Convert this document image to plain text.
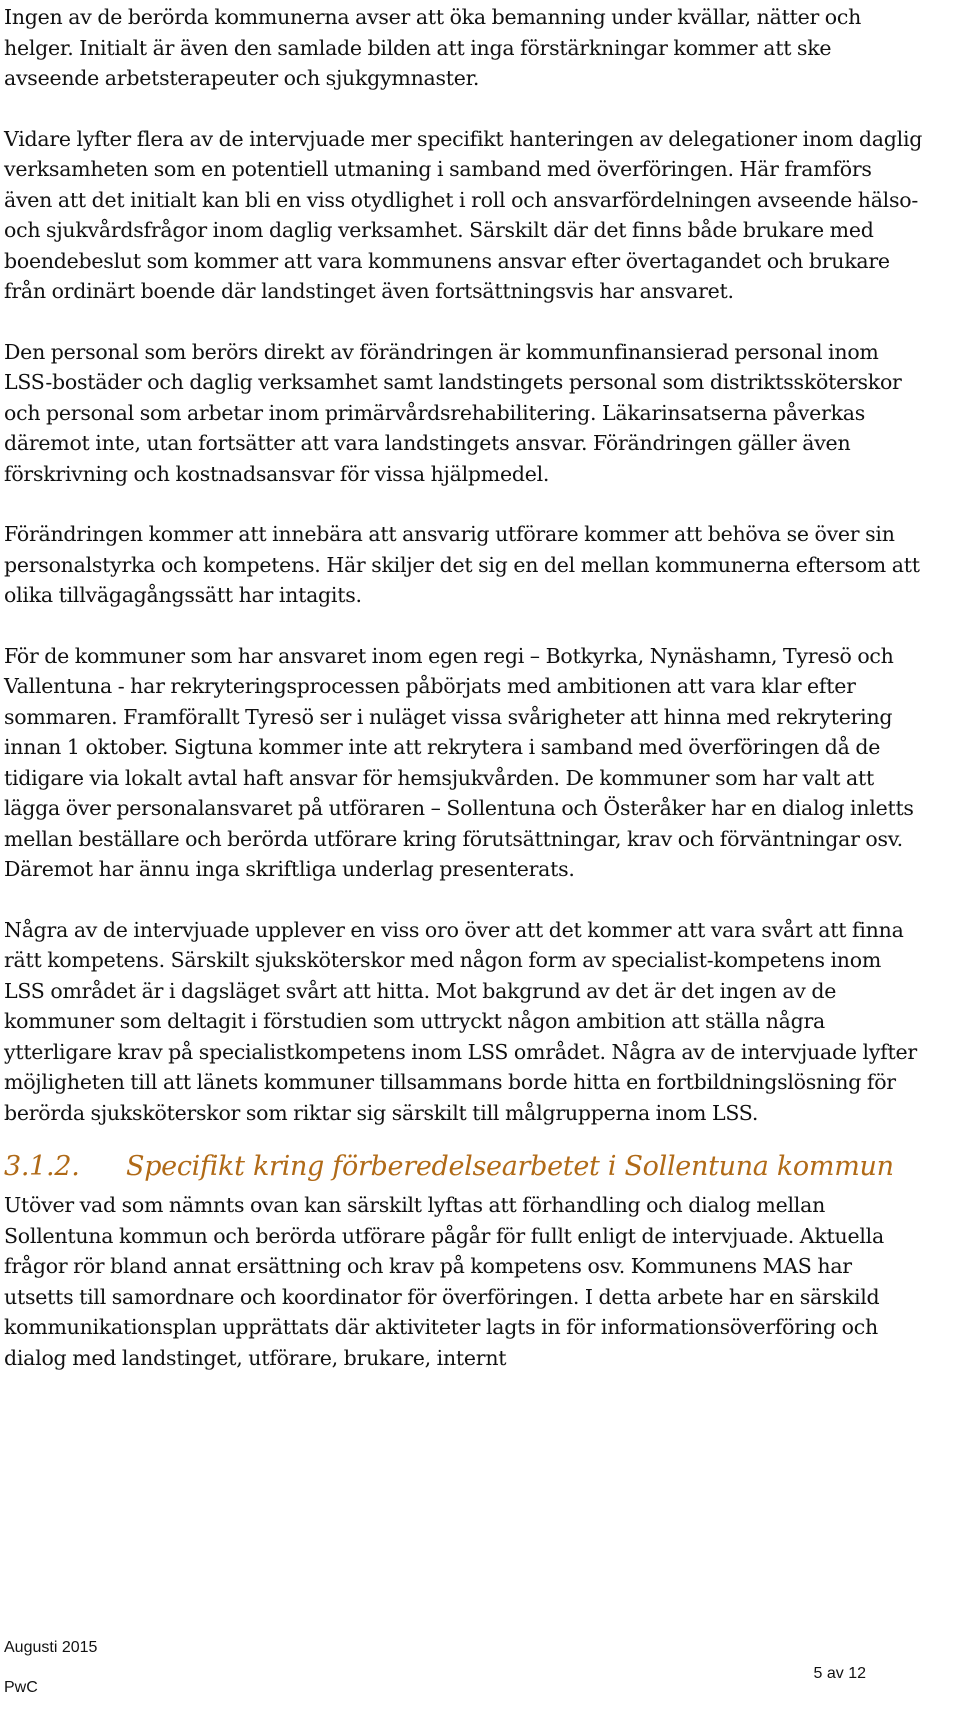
Ingen av de berörda kommunerna avser att öka bemanning under kvällar, nätter och helger. Initialt är även den samlade bilden att inga förstärkningar kommer att ske avseende arbetsterapeuter och sjukgymnaster.

Vidare lyfter flera av de intervjuade mer specifikt hanteringen av delegationer inom daglig verksamheten som en potentiell utmaning i samband med överföringen. Här framförs även att det initialt kan bli en viss otydlighet i roll och ansvarfördelningen avseende hälso- och sjukvårdsfrågor inom daglig verksamhet. Särskilt där det finns både brukare med boendebeslut som kommer att vara kommunens ansvar efter övertagandet och brukare från ordinärt boende där landstinget även fortsättningsvis har ansvaret.

Den personal som berörs direkt av förändringen är kommunfinansierad personal inom LSS-bostäder och daglig verksamhet samt landstingets personal som distriktssköterskor och personal som arbetar inom primärvårdsrehabilitering. Läkarinsatserna påverkas däremot inte, utan fortsätter att vara landstingets ansvar. Förändringen gäller även förskrivning och kostnadsansvar för vissa hjälpmedel.

Förändringen kommer att innebära att ansvarig utförare kommer att behöva se över sin personalstyrka och kompetens. Här skiljer det sig en del mellan kommunerna eftersom att olika tillvägagångssätt har intagits.

För de kommuner som har ansvaret inom egen regi – Botkyrka, Nynäshamn, Tyresö och Vallentuna - har rekryteringsprocessen påbörjats med ambitionen att vara klar efter sommaren. Framförallt Tyresö ser i nuläget vissa svårigheter att hinna med rekrytering innan 1 oktober. Sigtuna kommer inte att rekrytera i samband med överföringen då de tidigare via lokalt avtal haft ansvar för hemsjukvården. De kommuner som har valt att lägga över personalansvaret på utföraren – Sollentuna och Österåker har en dialog inletts mellan beställare och berörda utförare kring förutsättningar, krav och förväntningar osv. Däremot har ännu inga skriftliga underlag presenterats.

Några av de intervjuade upplever en viss oro över att det kommer att vara svårt att finna rätt kompetens. Särskilt sjuksköterskor med någon form av specialist-kompetens inom LSS området är i dagsläget svårt att hitta. Mot bakgrund av det är det ingen av de kommuner som deltagit i förstudien som uttryckt någon ambition att ställa några ytterligare krav på specialistkompetens inom LSS området. Några av de intervjuade lyfter möjligheten till att länets kommuner tillsammans borde hitta en fortbildningslösning för berörda sjuksköterskor som riktar sig särskilt till målgrupperna inom LSS.

3.1.2.	Specifikt kring förberedelsearbetet i Sollentuna kommun

Utöver vad som nämnts ovan kan särskilt lyftas att förhandling och dialog mellan Sollentuna kommun och berörda utförare pågår för fullt enligt de intervjuade. Aktuella frågor rör bland annat ersättning och krav på kompetens osv. Kommunens MAS har utsetts till samordnare och koordinator för överföringen. I detta arbete har en särskild kommunikationsplan upprättats där aktiviteter lagts in för informationsöverföring och dialog med landstinget, utförare, brukare, internt

Augusti 2015
PwC
5 av 12
